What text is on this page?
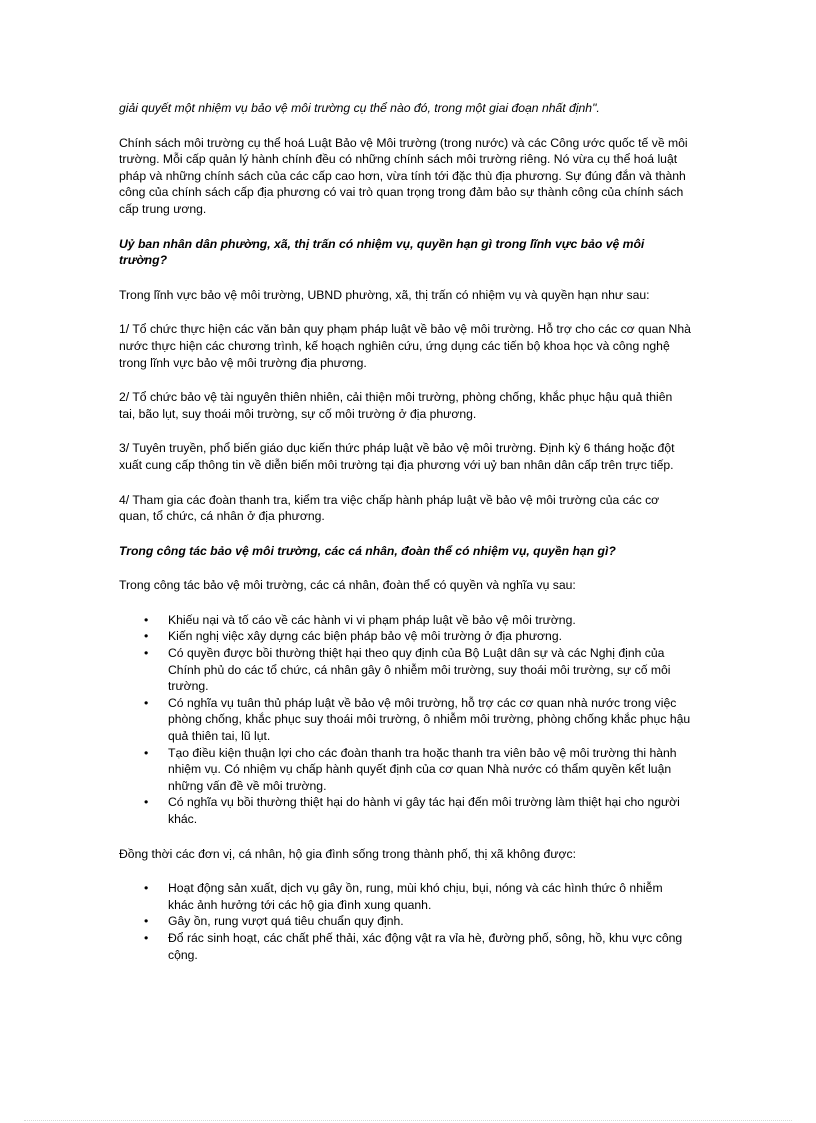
giải quyết một nhiệm vụ bảo vệ môi trường cụ thể nào đó, trong một giai đoạn nhất định".

Chính sách môi trường cụ thể hoá Luật Bảo vệ Môi trường (trong nước) và các Công ước quốc tế về môi trường. Mỗi cấp quản lý hành chính đều có những chính sách môi trường riêng. Nó vừa cụ thể hoá luật pháp và những chính sách của các cấp cao hơn, vừa tính tới đặc thù địa phương. Sự đúng đắn và thành công của chính sách cấp địa phương có vai trò quan trọng trong đảm bảo sự thành công của chính sách cấp trung ương.

Uỷ ban nhân dân phường, xã, thị trấn có nhiệm vụ, quyền hạn gì trong lĩnh vực bảo vệ môi trường?

Trong lĩnh vực bảo vệ môi trường, UBND phường, xã, thị trấn có nhiệm vụ và quyền hạn như sau:

1/ Tổ chức thực hiện các văn bản quy phạm pháp luật về bảo vệ môi trường. Hỗ trợ cho các cơ quan Nhà nước thực hiện các chương trình, kế hoạch nghiên cứu, ứng dụng các tiến bộ khoa học và công nghệ trong lĩnh vực bảo vệ môi trường địa phương.

2/ Tổ chức bảo vệ tài nguyên thiên nhiên, cải thiện môi trường, phòng chống, khắc phục hậu quả thiên tai, bão lụt, suy thoái môi trường, sự cố môi trường ở địa phương.

3/ Tuyên truyền, phổ biến giáo dục kiến thức pháp luật về bảo vệ môi trường. Định kỳ 6 tháng hoặc đột xuất cung cấp thông tin về diễn biến môi trường tại địa phương với uỷ ban nhân dân cấp trên trực tiếp.

4/ Tham gia các đoàn thanh tra, kiểm tra việc chấp hành pháp luật về bảo vệ môi trường của các cơ quan, tổ chức, cá nhân ở địa phương.

Trong công tác bảo vệ môi trường, các cá nhân, đoàn thể có nhiệm vụ, quyền hạn gì?

Trong công tác bảo vệ môi trường, các cá nhân, đoàn thể có quyền và nghĩa vụ sau:

• Khiếu nại và tố cáo về các hành vi vi phạm pháp luật về bảo vệ môi trường.
• Kiến nghị việc xây dựng các biện pháp bảo vệ môi trường ở địa phương.
• Có quyền được bồi thường thiệt hại theo quy định của Bộ Luật dân sự và các Nghị định của Chính phủ do các tổ chức, cá nhân gây ô nhiễm môi trường, suy thoái môi trường, sự cố môi trường.
• Có nghĩa vụ tuân thủ pháp luật về bảo vệ môi trường, hỗ trợ các cơ quan nhà nước trong việc phòng chống, khắc phục suy thoái môi trường, ô nhiễm môi trường, phòng chống khắc phục hậu quả thiên tai, lũ lụt.
• Tạo điều kiện thuận lợi cho các đoàn thanh tra hoặc thanh tra viên bảo vệ môi trường thi hành nhiệm vụ. Có nhiệm vụ chấp hành quyết định của cơ quan Nhà nước có thẩm quyền kết luận những vấn đề về môi trường.
• Có nghĩa vụ bồi thường thiệt hại do hành vi gây tác hại đến môi trường làm thiệt hại cho người khác.

Đồng thời các đơn vị, cá nhân, hộ gia đình sống trong thành phố, thị xã không được:

• Hoạt động sản xuất, dịch vụ gây ồn, rung, mùi khó chịu, bụi, nóng và các hình thức ô nhiễm khác ảnh hưởng tới các hộ gia đình xung quanh.
• Gây ồn, rung vượt quá tiêu chuẩn quy định.
• Đổ rác sinh hoạt, các chất phế thải, xác động vật ra vỉa hè, đường phố, sông, hồ, khu vực công cộng.
